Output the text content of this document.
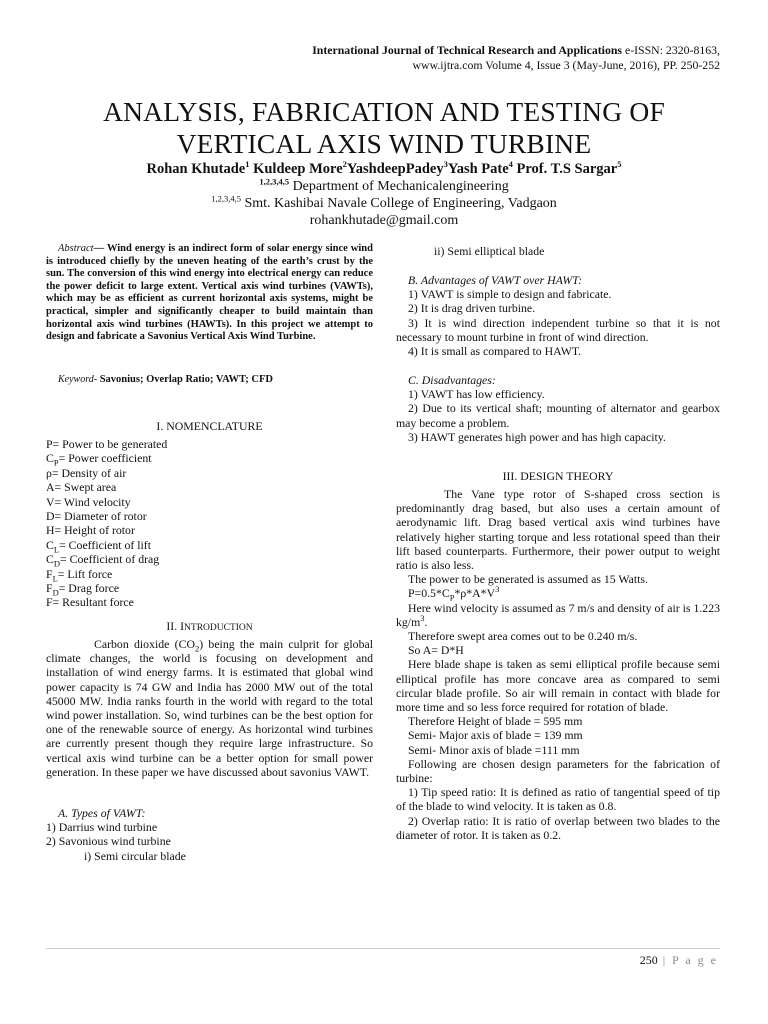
International Journal of Technical Research and Applications e-ISSN: 2320-8163,
www.ijtra.com Volume 4, Issue 3 (May-June, 2016), PP. 250-252
ANALYSIS, FABRICATION AND TESTING OF
VERTICAL AXIS WIND TURBINE
Rohan Khutade$^1$ Kuldeep More$^2$YashdeepPadey$^3$Yash Pate$^4$ Prof. T.S Sargar$^5$
$^{1,2,3,4,5}$ Department of Mechanicalengineering
$^{1,2,3,4,5}$ Smt. Kashibai Navale College of Engineering, Vadgaon
rohankhutade@gmail.com

Abstract— Wind energy is an indirect form of solar energy since wind is introduced chiefly by the uneven heating of the earth’s crust by the sun. The conversion of this wind energy into electrical energy can reduce the power deficit to large extent. Vertical axis wind turbines (VAWTs), which may be as efficient as current horizontal axis systems, might be practical, simpler and significantly cheaper to build maintain than horizontal axis wind turbines (HAWTs). In this project we attempt to design and fabricate a Savonius Vertical Axis Wind Turbine.

Keyword- Savonius; Overlap Ratio; VAWT; CFD

I. NOMENCLATURE

P= Power to be generated

$C_P=$ Power coefficient

ρ= Density of air

A= Swept area

V= Wind velocity

D= Diameter of rotor

H= Height of rotor

$C_L=$ Coefficient of lift

$C_D=$ Coefficient of drag

$F_L=$ Lift force

$F_D=$ Drag force

F= Resultant force

II. INTRODUCTION

Carbon dioxide $(CO_2)$ being the main culprit for global climate changes, the world is focusing on development and installation of wind energy farms. It is estimated that global wind power capacity is 74 GW and India has 2000 MW out of the total 45000 MW. India ranks fourth in the world with regard to the total wind power installation. So, wind turbines can be the best option for one of the renewable source of energy. As horizontal wind turbines are currently present though they require large infrastructure. So vertical axis wind turbine can be a better option for small power generation. In these paper we have discussed about savonius VAWT.

A. Types of VAWT:

1) Darrius wind turbine

2) Savonious wind turbine

i) Semi circular blade

ii) Semi elliptical blade

B. Advantages of VAWT over HAWT:

1) VAWT is simple to design and fabricate.

2) It is drag driven turbine.

3) It is wind direction independent turbine so that it is not necessary to mount turbine in front of wind direction.

4) It is small as compared to HAWT.

C. Disadvantages:

1) VAWT has low efficiency.

2) Due to its vertical shaft; mounting of alternator and gearbox may become a problem.

3) HAWT generates high power and has high capacity.

III. DESIGN THEORY

The Vane type rotor of S-shaped cross section is predominantly drag based, but also uses a certain amount of aerodynamic lift. Drag based vertical axis wind turbines have relatively higher starting torque and less rotational speed than their lift based counterparts. Furthermore, their power output to weight ratio is also less.

The power to be generated is assumed as 15 Watts.

$P=0.5*C_P*\rho*A*V^3$

Here wind velocity is assumed as 7 m/s and density of air is 1.223 $kg/m^3$.

Therefore swept area comes out to be 0.240 m/s.

So A= D*H

Here blade shape is taken as semi elliptical profile because semi elliptical profile has more concave area as compared to semi circular blade profile. So air will remain in contact with blade for more time and so less force required for rotation of blade.

Therefore Height of blade = 595 mm

Semi- Major axis of blade = 139 mm

Semi- Minor axis of blade =111 mm

Following are chosen design parameters for the fabrication of turbine:

1) Tip speed ratio: It is defined as ratio of tangential speed of tip of the blade to wind velocity. It is taken as 0.8.

2) Overlap ratio: It is ratio of overlap between two blades to the diameter of rotor. It is taken as 0.2.

250 | P a g e
